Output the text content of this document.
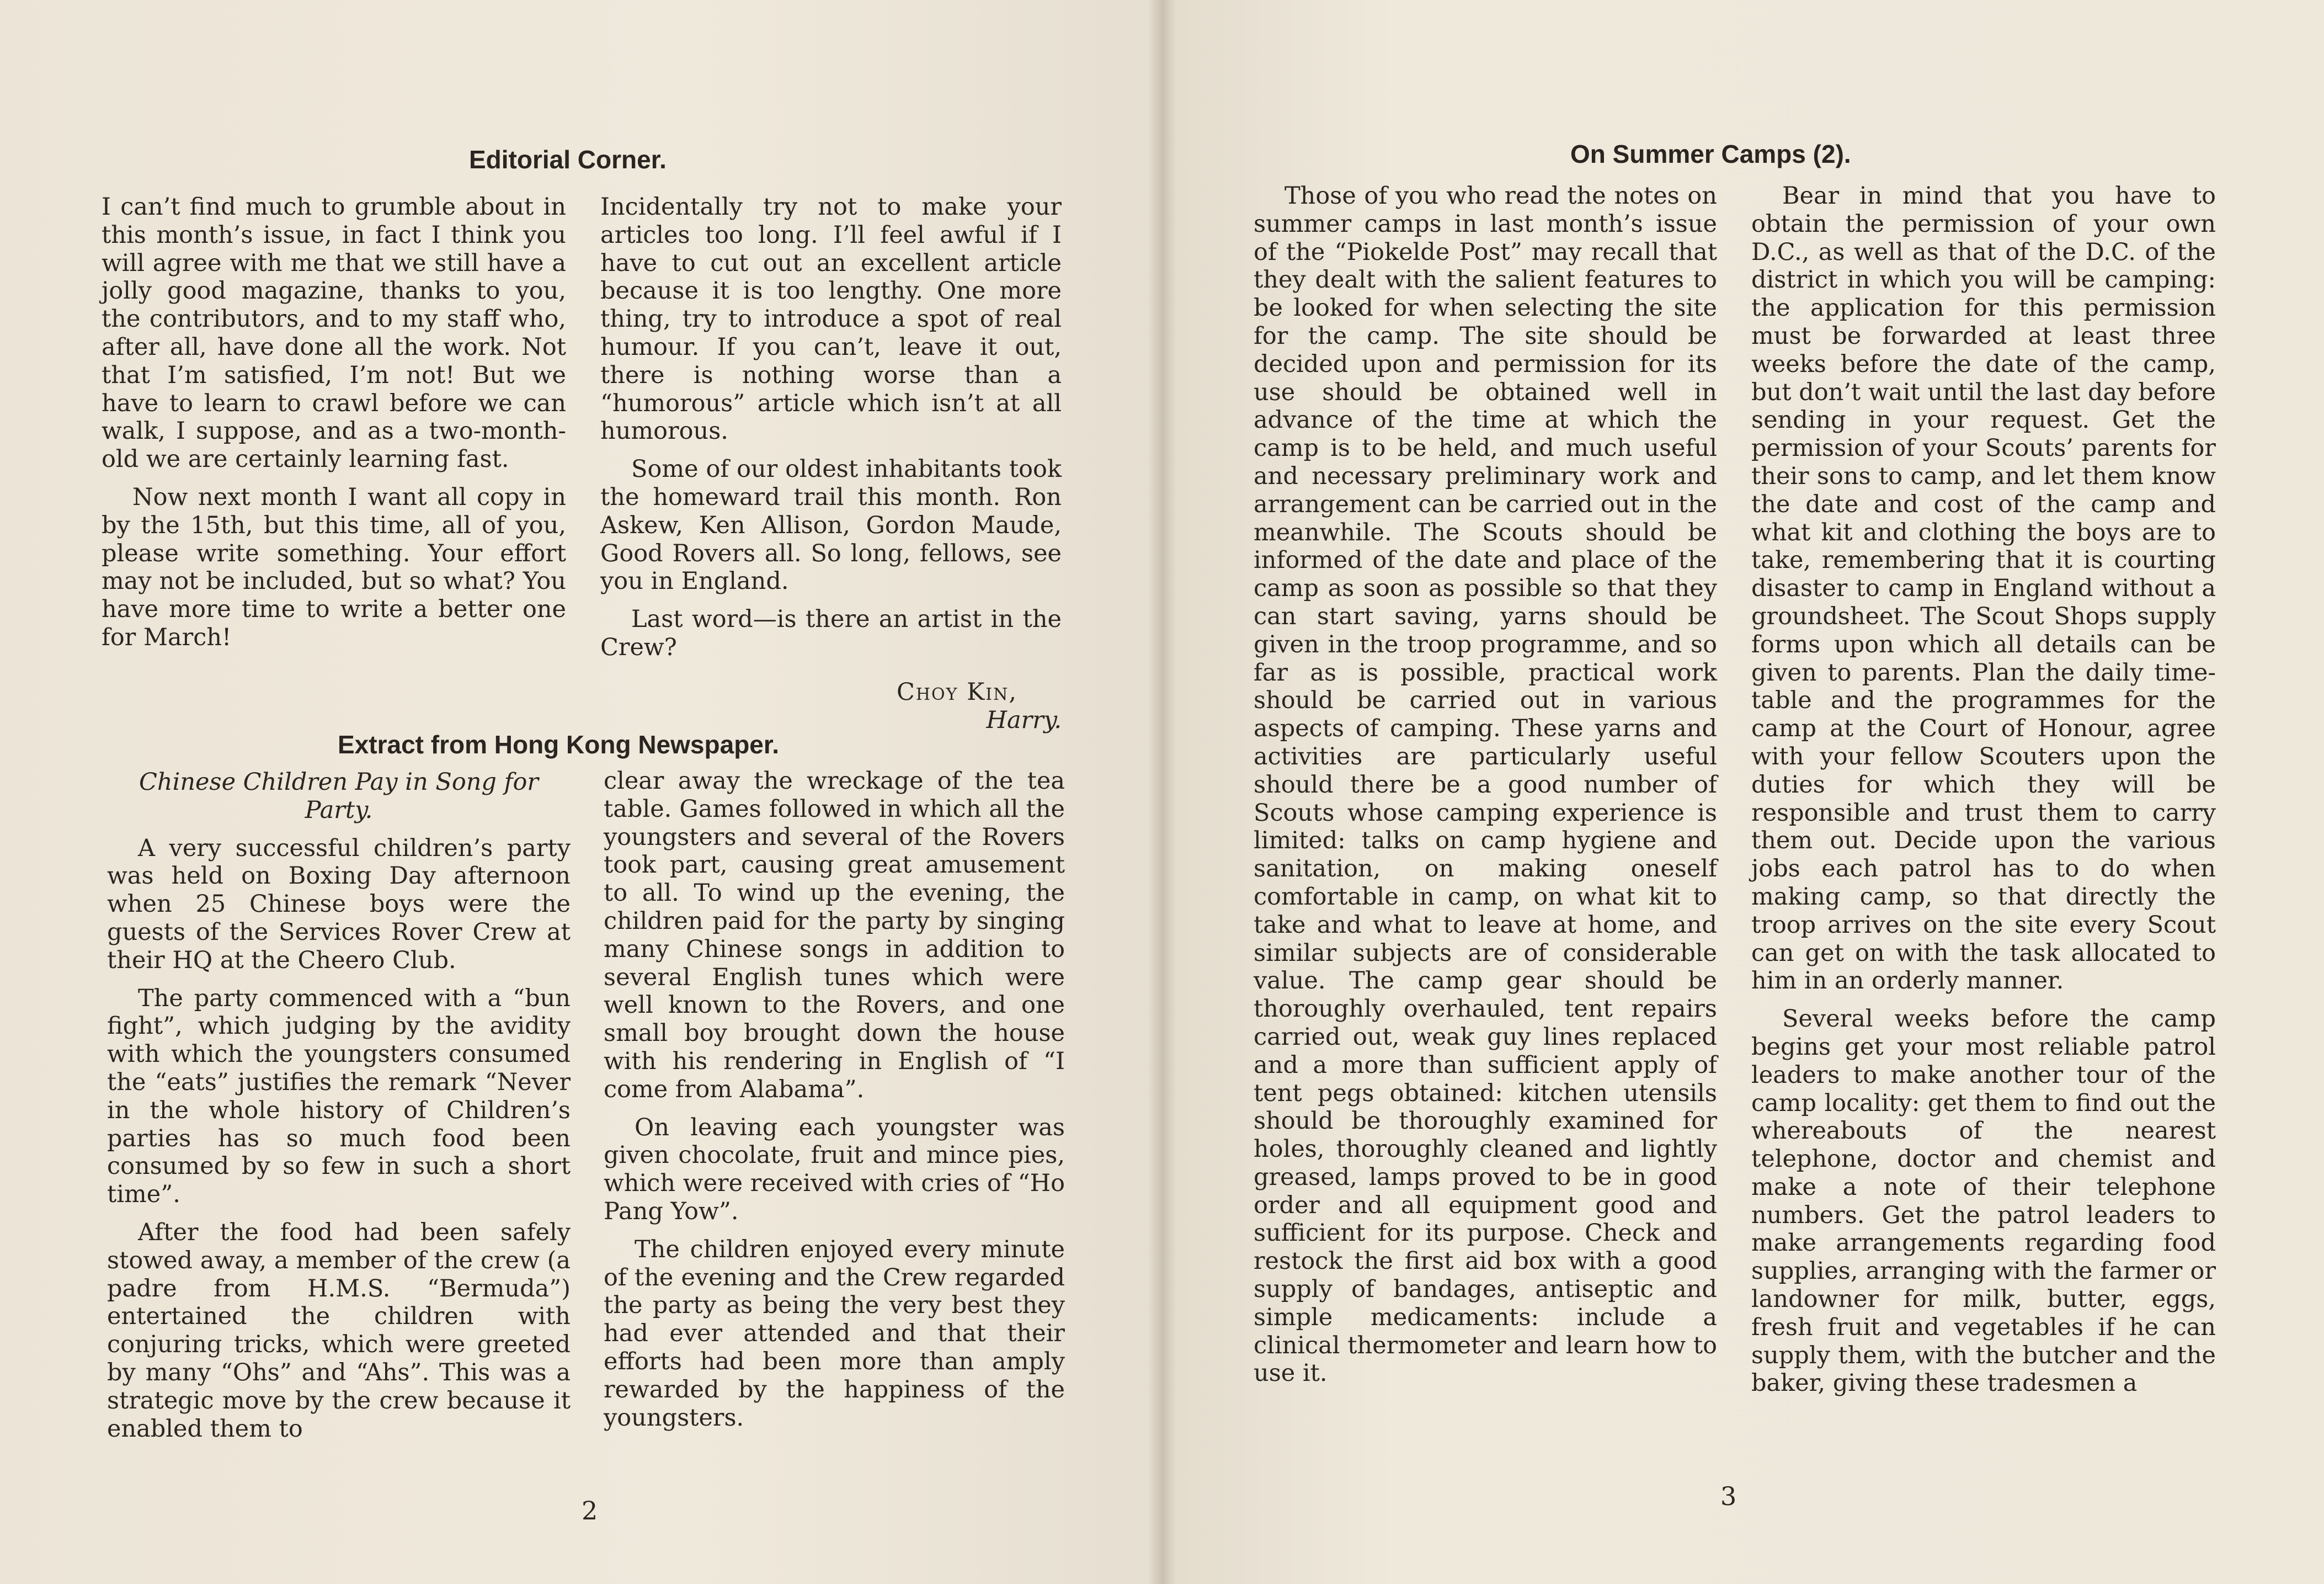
Editorial Corner.

I can’t find much to grumble about in this month’s issue, in fact I think you will agree with me that we still have a jolly good magazine, thanks to you, the contributors, and to my staff who, after all, have done all the work. Not that I’m satisfied, I’m not! But we have to learn to crawl before we can walk, I suppose, and as a two-month-old we are certainly learning fast.

Now next month I want all copy in by the 15th, but this time, all of you, please write something. Your effort may not be included, but so what? You have more time to write a better one for March!

Incidentally try not to make your articles too long. I’ll feel awful if I have to cut out an excellent article because it is too lengthy. One more thing, try to introduce a spot of real humour. If you can’t, leave it out, there is nothing worse than a “humorous” article which isn’t at all humorous.

Some of our oldest inhabitants took the homeward trail this month. Ron Askew, Ken Allison, Gordon Maude, Good Rovers all. So long, fellows, see you in England.

Last word—is there an artist in the Crew?

Choy Kin,
Harry.
Extract from Hong Kong Newspaper.

Chinese Children Pay in Song for Party.

A very successful children’s party was held on Boxing Day afternoon when 25 Chinese boys were the guests of the Services Rover Crew at their HQ at the Cheero Club.

The party commenced with a “bun fight”, which judging by the avidity with which the youngsters consumed the “eats” justifies the remark “Never in the whole history of Children’s parties has so much food been consumed by so few in such a short time”.

After the food had been safely stowed away, a member of the crew (a padre from H.M.S. “Bermuda”) entertained the children with conjuring tricks, which were greeted by many “Ohs” and “Ahs”. This was a strategic move by the crew because it enabled them to

clear away the wreckage of the tea table. Games followed in which all the youngsters and several of the Rovers took part, causing great amusement to all. To wind up the evening, the children paid for the party by singing many Chinese songs in addition to several English tunes which were well known to the Rovers, and one small boy brought down the house with his rendering in English of “I come from Alabama”.

On leaving each youngster was given chocolate, fruit and mince pies, which were received with cries of “Ho Pang Yow”.

The children enjoyed every minute of the evening and the Crew regarded the party as being the very best they had ever attended and that their efforts had been more than amply rewarded by the happiness of the youngsters.

2
On Summer Camps (2).

Those of you who read the notes on summer camps in last month’s issue of the “Piokelde Post” may recall that they dealt with the salient features to be looked for when selecting the site for the camp. The site should be decided upon and permission for its use should be obtained well in advance of the time at which the camp is to be held, and much useful and necessary preliminary work and arrangement can be carried out in the meanwhile. The Scouts should be informed of the date and place of the camp as soon as possible so that they can start saving, yarns should be given in the troop programme, and so far as is possible, practical work should be carried out in various aspects of camping. These yarns and activities are particularly useful should there be a good number of Scouts whose camping experience is limited: talks on camp hygiene and sanitation, on making oneself comfortable in camp, on what kit to take and what to leave at home, and similar subjects are of considerable value. The camp gear should be thoroughly overhauled, tent repairs carried out, weak guy lines replaced and a more than sufficient apply of tent pegs obtained: kitchen utensils should be thoroughly examined for holes, thoroughly cleaned and lightly greased, lamps proved to be in good order and all equipment good and sufficient for its purpose. Check and restock the first aid box with a good supply of bandages, antiseptic and simple medicaments: include a clinical thermometer and learn how to use it.

Bear in mind that you have to obtain the permission of your own D.C., as well as that of the D.C. of the district in which you will be camping: the application for this permission must be forwarded at least three weeks before the date of the camp, but don’t wait until the last day before sending in your request. Get the permission of your Scouts’ parents for their sons to camp, and let them know the date and cost of the camp and what kit and clothing the boys are to take, remembering that it is courting disaster to camp in England without a groundsheet. The Scout Shops supply forms upon which all details can be given to parents. Plan the daily time-table and the programmes for the camp at the Court of Honour, agree with your fellow Scouters upon the duties for which they will be responsible and trust them to carry them out. Decide upon the various jobs each patrol has to do when making camp, so that directly the troop arrives on the site every Scout can get on with the task allocated to him in an orderly manner.

Several weeks before the camp begins get your most reliable patrol leaders to make another tour of the camp locality: get them to find out the whereabouts of the nearest telephone, doctor and chemist and make a note of their telephone numbers. Get the patrol leaders to make arrangements regarding food supplies, arranging with the farmer or landowner for milk, butter, eggs, fresh fruit and vegetables if he can supply them, with the butcher and the baker, giving these tradesmen a

3
